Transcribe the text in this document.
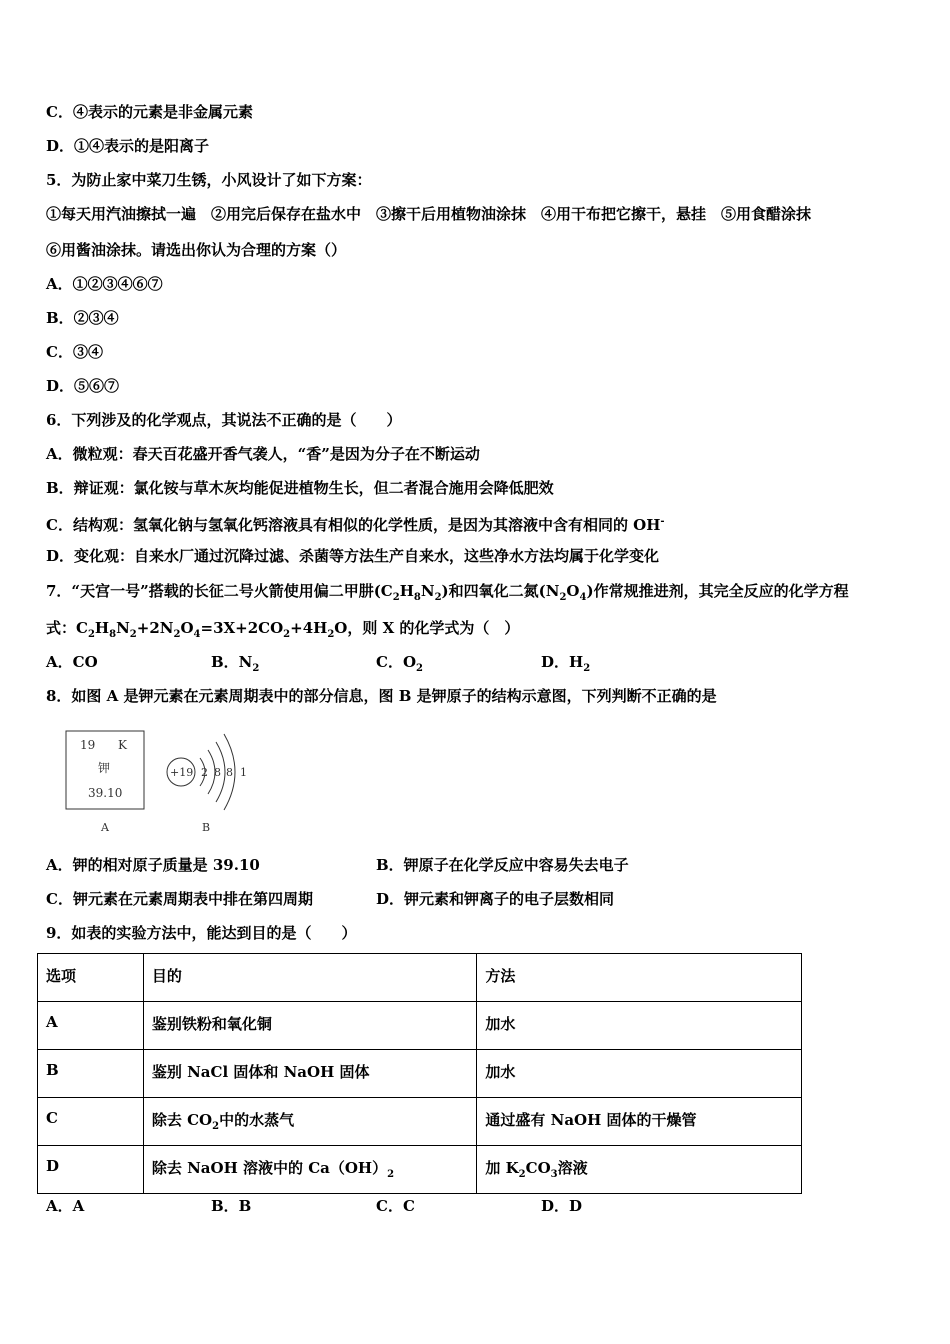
C．④表示的元素是非金属元素
D．①④表示的是阳离子
5．为防止家中菜刀生锈，小风设计了如下方案：
①每天用汽油擦拭一遍　②用完后保存在盐水中　③擦干后用植物油涂抹　④用干布把它擦干，悬挂　⑤用食醋涂抹
⑥用酱油涂抹。请选出你认为合理的方案（）
A．①②③④⑥⑦
B．②③④
C．③④
D．⑤⑥⑦
6．下列涉及的化学观点，其说法不正确的是（　　）
A．微粒观：春天百花盛开香气袭人，“香”是因为分子在不断运动
B．辩证观：氯化铵与草木灰均能促进植物生长，但二者混合施用会降低肥效
C．结构观：氢氧化钠与氢氧化钙溶液具有相似的化学性质，是因为其溶液中含有相同的 OH-
D．变化观：自来水厂通过沉降过滤、杀菌等方法生产自来水，这些净水方法均属于化学变化
7．“天宫一号”搭载的长征二号火箭使用偏二甲肼$(C_2H_8N_2)$和四氧化二氮$(N_2O_4)$作常规推进剂，其完全反应的化学方程
式：$C_2H_8N_2+2N_2O_4=3X+2CO_2+4H_2O$，则 X 的化学式为（　）
A．CO	B．$N_2$	C．$O_2$	D．$H_2$
8．如图 A 是钾元素在元素周期表中的部分信息，图 B 是钾原子的结构示意图，下列判断不正确的是
19 K
钾
39.10
A
+19 2 8 8 1
B
A．钾的相对原子质量是 39.10	B．钾原子在化学反应中容易失去电子
C．钾元素在元素周期表中排在第四周期	D．钾元素和钾离子的电子层数相同
9．如表的实验方法中，能达到目的是（　　）
选项	目的	方法
A	鉴别铁粉和氧化铜	加水
B	鉴别 NaCl 固体和 NaOH 固体	加水
C	除去 $CO_2$中的水蒸气	通过盛有 NaOH 固体的干燥管
D	除去 NaOH 溶液中的 $Ca(OH)_2$	加 $K_2CO_3$溶液
A．A	B．B	C．C	D．D
